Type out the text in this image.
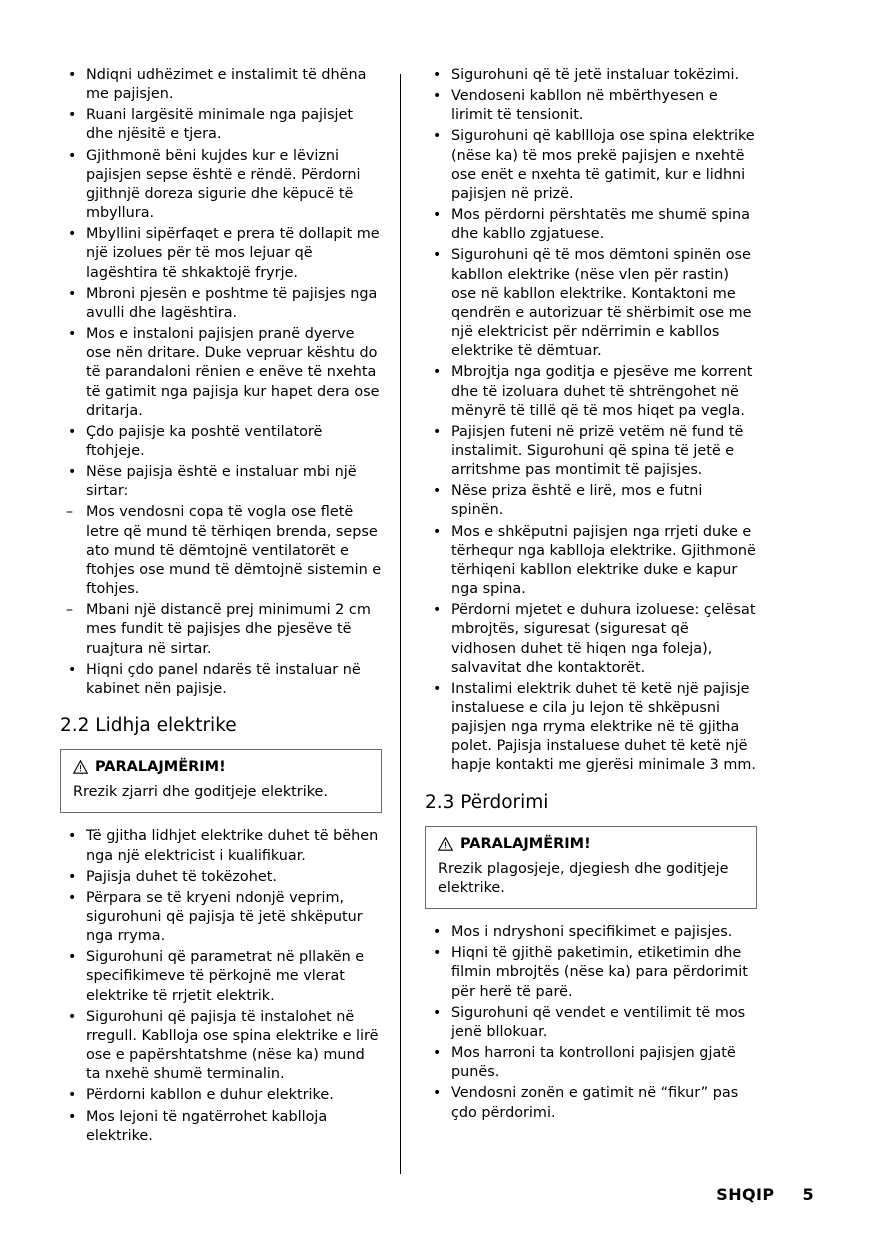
• Ndiqni udhëzimet e instalimit të dhëna me pajisjen.
• Ruani largësitë minimale nga pajisjet dhe njësitë e tjera.
• Gjithmonë bëni kujdes kur e lëvizni pajisjen sepse është e rëndë. Përdorni gjithnjë doreza sigurie dhe këpucë të mbyllura.
• Mbyllini sipërfaqet e prera të dollapit me një izolues për të mos lejuar që lagështira të shkaktojë fryrje.
• Mbroni pjesën e poshtme të pajisjes nga avulli dhe lagështira.
• Mos e instaloni pajisjen pranë dyerve ose nën dritare. Duke vepruar kështu do të parandaloni rënien e enëve të nxehta të gatimit nga pajisja kur hapet dera ose dritarja.
• Çdo pajisje ka poshtë ventilatorë ftohjeje.
• Nëse pajisja është e instaluar mbi një sirtar:
– Mos vendosni copa të vogla ose fletë letre që mund të tërhiqen brenda, sepse ato mund të dëmtojnë ventilatorët e ftohjes ose mund të dëmtojnë sistemin e ftohjes.
– Mbani një distancë prej minimumi 2 cm mes fundit të pajisjes dhe pjesëve të ruajtura në sirtar.
• Hiqni çdo panel ndarës të instaluar në kabinet nën pajisje.
2.2 Lidhja elektrike
PARALAJMËRIM!
Rrezik zjarri dhe goditjeje elektrike.
• Të gjitha lidhjet elektrike duhet të bëhen nga një elektricist i kualifikuar.
• Pajisja duhet të tokëzohet.
• Përpara se të kryeni ndonjë veprim, sigurohuni që pajisja të jetë shkëputur nga rryma.
• Sigurohuni që parametrat në pllakën e specifikimeve të përkojnë me vlerat elektrike të rrjetit elektrik.
• Sigurohuni që pajisja të instalohet në rregull. Kablloja ose spina elektrike e lirë ose e papërshtatshme (nëse ka) mund ta nxehë shumë terminalin.
• Përdorni kabllon e duhur elektrike.
• Mos lejoni të ngatërrohet kablloja elektrike.
• Sigurohuni që të jetë instaluar tokëzimi.
• Vendoseni kabllon në mbërthyesen e lirimit të tensionit.
• Sigurohuni që kabllloja ose spina elektrike (nëse ka) të mos prekë pajisjen e nxehtë ose enët e nxehta të gatimit, kur e lidhni pajisjen në prizë.
• Mos përdorni përshtatës me shumë spina dhe kabllo zgjatuese.
• Sigurohuni që të mos dëmtoni spinën ose kabllon elektrike (nëse vlen për rastin) ose në kabllon elektrike. Kontaktoni me qendrën e autorizuar të shërbimit ose me një elektricist për ndërrimin e kabllos elektrike të dëmtuar.
• Mbrojtja nga goditja e pjesëve me korrent dhe të izoluara duhet të shtrëngohet në mënyrë të tillë që të mos hiqet pa vegla.
• Pajisjen futeni në prizë vetëm në fund të instalimit. Sigurohuni që spina të jetë e arritshme pas montimit të pajisjes.
• Nëse priza është e lirë, mos e futni spinën.
• Mos e shkëputni pajisjen nga rrjeti duke e tërhequr nga kablloja elektrike. Gjithmonë tërhiqeni kabllon elektrike duke e kapur nga spina.
• Përdorni mjetet e duhura izoluese: çelësat mbrojtës, siguresat (siguresat që vidhosen duhet të hiqen nga foleja), salvavitat dhe kontaktorët.
• Instalimi elektrik duhet të ketë një pajisje instaluese e cila ju lejon të shkëpusni pajisjen nga rryma elektrike në të gjitha polet. Pajisja instaluese duhet të ketë një hapje kontakti me gjerësi minimale 3 mm.
2.3 Përdorimi
PARALAJMËRIM!
Rrezik plagosjeje, djegiesh dhe goditjeje elektrike.
• Mos i ndryshoni specifikimet e pajisjes.
• Hiqni të gjithë paketimin, etiketimin dhe filmin mbrojtës (nëse ka) para përdorimit për herë të parë.
• Sigurohuni që vendet e ventilimit të mos jenë bllokuar.
• Mos harroni ta kontrolloni pajisjen gjatë punës.
• Vendosni zonën e gatimit në “fikur” pas çdo përdorimi.
SHQIP 5
